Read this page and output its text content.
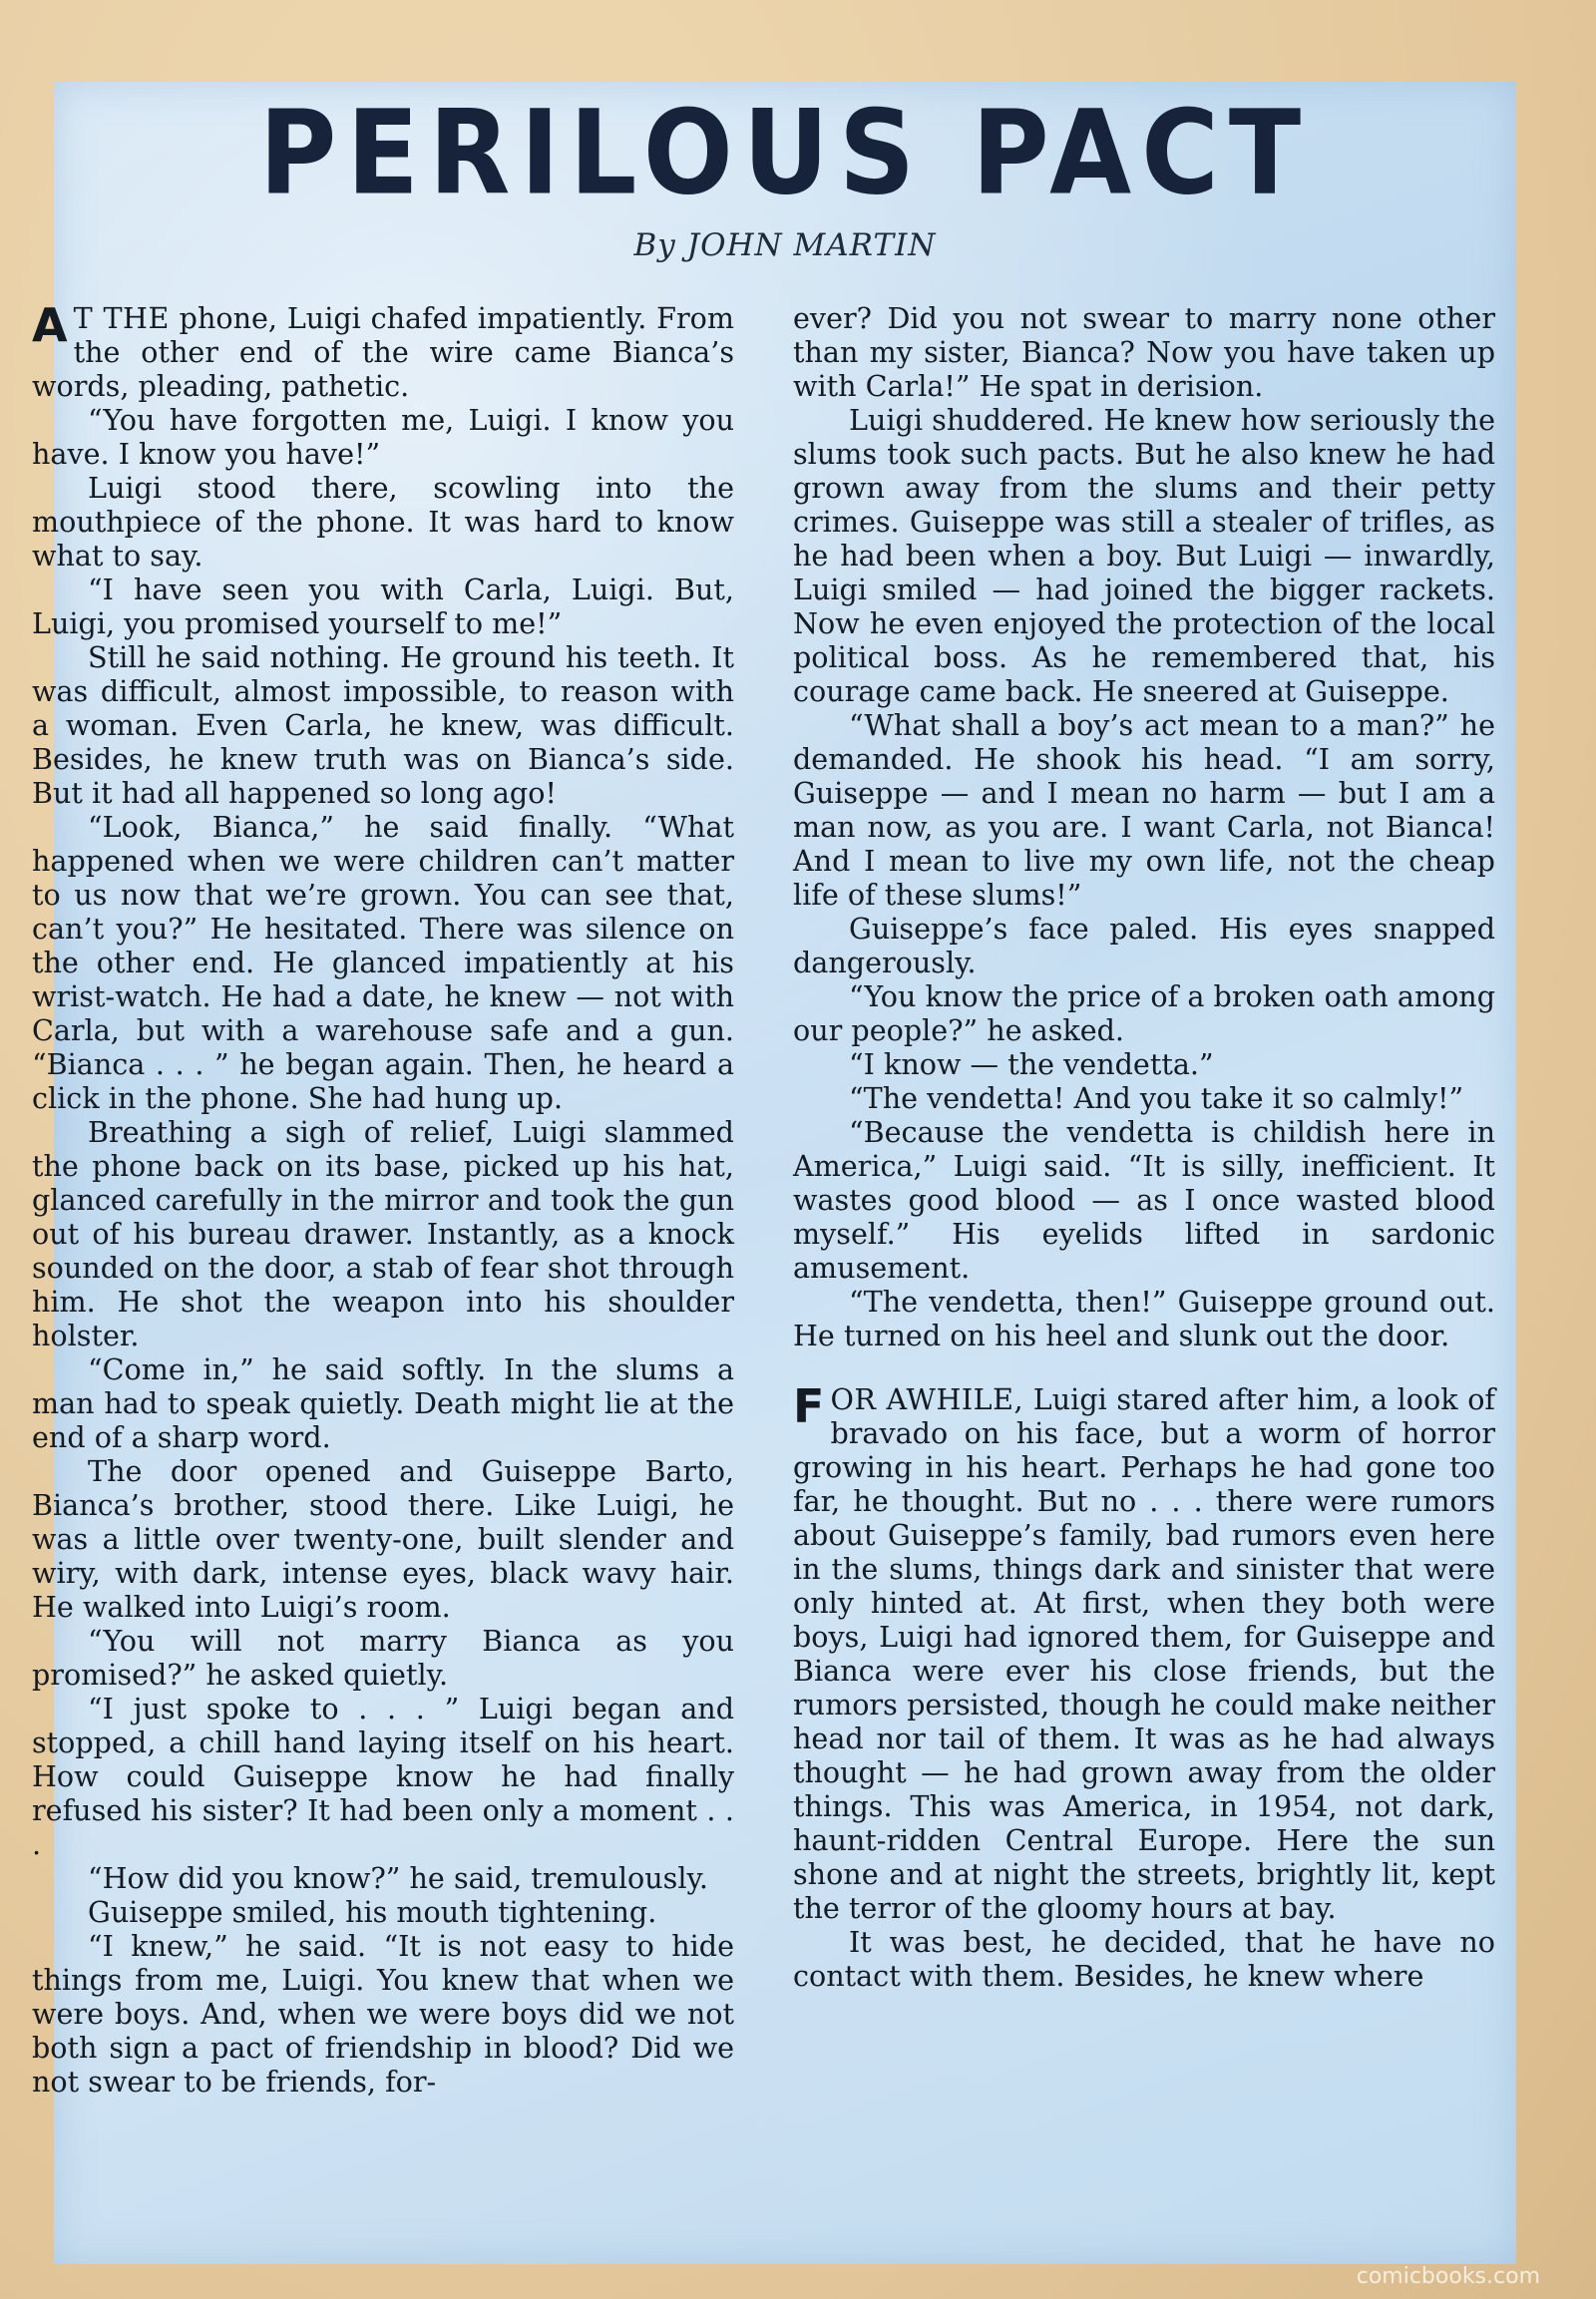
PERILOUS PACT
By JOHN MARTIN

A T THE phone, Luigi chafed impatiently. From the other end of the wire came Bianca’s words, pleading, pathetic.

“You have forgotten me, Luigi. I know you have. I know you have!”

Luigi stood there, scowling into the mouthpiece of the phone. It was hard to know what to say.

“I have seen you with Carla, Luigi. But, Luigi, you promised yourself to me!”

Still he said nothing. He ground his teeth. It was difficult, almost impossible, to reason with a woman. Even Carla, he knew, was difficult. Besides, he knew truth was on Bianca’s side. But it had all happened so long ago!

“Look, Bianca,” he said finally. “What happened when we were children can’t matter to us now that we’re grown. You can see that, can’t you?” He hesitated. There was silence on the other end. He glanced impatiently at his wrist-watch. He had a date, he knew — not with Carla, but with a warehouse safe and a gun. “Bianca . . . ” he began again. Then, he heard a click in the phone. She had hung up.

Breathing a sigh of relief, Luigi slammed the phone back on its base, picked up his hat, glanced carefully in the mirror and took the gun out of his bureau drawer. Instantly, as a knock sounded on the door, a stab of fear shot through him. He shot the weapon into his shoulder holster.

“Come in,” he said softly. In the slums a man had to speak quietly. Death might lie at the end of a sharp word.

The door opened and Guiseppe Barto, Bianca’s brother, stood there. Like Luigi, he was a little over twenty-one, built slender and wiry, with dark, intense eyes, black wavy hair. He walked into Luigi’s room.

“You will not marry Bianca as you promised?” he asked quietly.

“I just spoke to . . . ” Luigi began and stopped, a chill hand laying itself on his heart. How could Guiseppe know he had finally refused his sister? It had been only a moment . . .

“How did you know?” he said, tremulously.

Guiseppe smiled, his mouth tightening.

“I knew,” he said. “It is not easy to hide things from me, Luigi. You knew that when we were boys. And, when we were boys did we not both sign a pact of friendship in blood? Did we not swear to be friends, for-

ever? Did you not swear to marry none other than my sister, Bianca? Now you have taken up with Carla!” He spat in derision.

Luigi shuddered. He knew how seriously the slums took such pacts. But he also knew he had grown away from the slums and their petty crimes. Guiseppe was still a stealer of trifles, as he had been when a boy. But Luigi — inwardly, Luigi smiled — had joined the bigger rackets. Now he even enjoyed the protection of the local political boss. As he remembered that, his courage came back. He sneered at Guiseppe.

“What shall a boy’s act mean to a man?” he demanded. He shook his head. “I am sorry, Guiseppe — and I mean no harm — but I am a man now, as you are. I want Carla, not Bianca! And I mean to live my own life, not the cheap life of these slums!”

Guiseppe’s face paled. His eyes snapped dangerously.

“You know the price of a broken oath among our people?” he asked.

“I know — the vendetta.”

“The vendetta! And you take it so calmly!”

“Because the vendetta is childish here in America,” Luigi said. “It is silly, inefficient. It wastes good blood — as I once wasted blood myself.” His eyelids lifted in sardonic amusement.

“The vendetta, then!” Guiseppe ground out. He turned on his heel and slunk out the door.

FOR AWHILE, Luigi stared after him, a look of bravado on his face, but a worm of horror growing in his heart. Perhaps he had gone too far, he thought. But no . . . there were rumors about Guiseppe’s family, bad rumors even here in the slums, things dark and sinister that were only hinted at. At first, when they both were boys, Luigi had ignored them, for Guiseppe and Bianca were ever his close friends, but the rumors persisted, though he could make neither head nor tail of them. It was as he had always thought — he had grown away from the older things. This was America, in 1954, not dark, haunt-ridden Central Europe. Here the sun shone and at night the streets, brightly lit, kept the terror of the gloomy hours at bay.

It was best, he decided, that he have no contact with them. Besides, he knew where

comicbooks.com
